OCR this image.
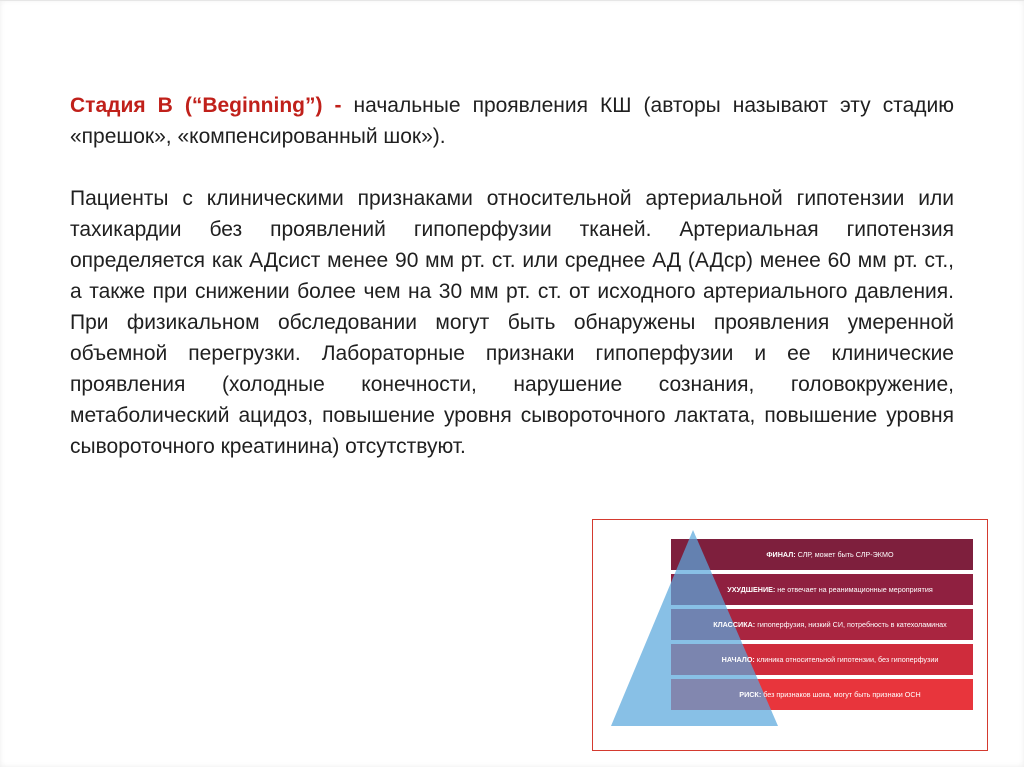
Стадия B (“Beginning”) - начальные проявления КШ (авторы называют эту стадию «прешок», «компенсированный шок»).

Пациенты с клиническими признаками относительной артериальной гипотензии или тахикардии без проявлений гипоперфузии тканей. Артериальная гипотензия определяется как АДсист менее 90 мм рт. ст. или среднее АД (АДср) менее 60 мм рт. ст., а также при снижении более чем на 30 мм рт. ст. от исходного артериального давления. При физикальном обследовании могут быть обнаружены проявления умеренной объемной перегрузки. Лабораторные признаки гипоперфузии и ее клинические проявления (холодные конечности, нарушение сознания, головокружение, метаболический ацидоз, повышение уровня сывороточного лактата, повышение уровня сывороточного креатинина) отсутствуют.

ФИНАЛ: СЛР, может быть СЛР-ЭКМО
УХУДШЕНИЕ: не отвечает на реанимационные мероприятия
КЛАССИКА: гипоперфузия, низкий СИ, потребность в катехоламинах
НАЧАЛО: клиника относительной гипотензии, без гипоперфузии
РИСК: без признаков шока, могут быть признаки ОСН
